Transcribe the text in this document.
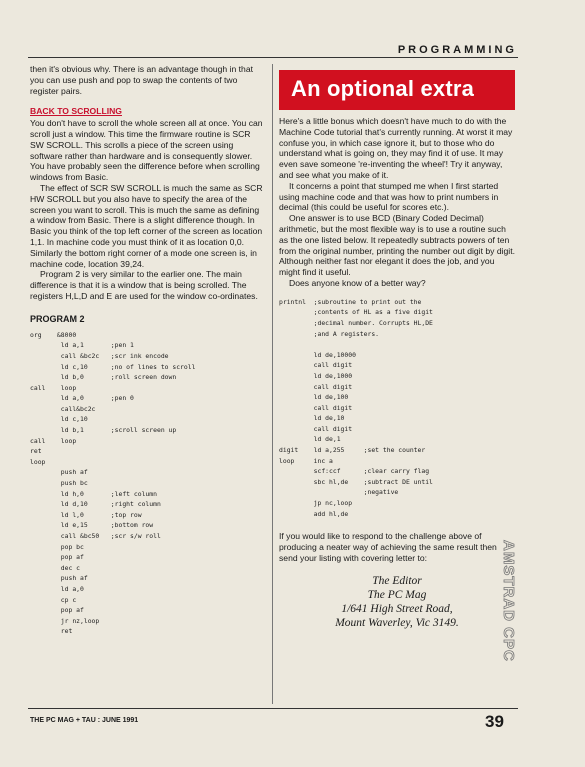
PROGRAMMING

then it's obvious why. There is an advantage though in that you can use push and pop to swap the contents of two register pairs.

BACK TO SCROLLING

You don't have to scroll the whole screen all at once. You can scroll just a window. This time the firmware routine is SCR SW SCROLL. This scrolls a piece of the screen using software rather than hardware and is consequently slower. You have probably seen the difference before when scrolling windows from Basic.

The effect of SCR SW SCROLL is much the same as SCR HW SCROLL but you also have to specify the area of the screen you want to scroll. This is much the same as defining a window from Basic. There is a slight difference though. In Basic you think of the top left corner of the screen as location 1,1. In machine code you must think of it as location 0,0. Similarly the bottom right corner of a mode one screen is, in machine code, location 39,24.

Program 2 is very similar to the earlier one. The main difference is that it is a window that is being scrolled. The registers H,L,D and E are used for the window co-ordinates.

PROGRAM 2
org    &8000
ld a,1       ;pen 1
call &bc2c   ;scr ink encode
ld c,10      ;no of lines to scroll
ld b,0       ;roll screen down
call    loop
ld a,0       ;pen 0
call&bc2c
ld c,10
ld b,1       ;scroll screen up
call    loop
ret
loop
push af
push bc
ld h,0       ;left column
ld d,10      ;right column
ld l,0       ;top row
ld e,15      ;bottom row
call &bc50   ;scr s/w roll
pop bc
pop af
dec c
push af
ld a,0
cp c
pop af
jr nz,loop
ret
An optional extra

Here's a little bonus which doesn't have much to do with the Machine Code tutorial that's currently running. At worst it may confuse you, in which case ignore it, but to those who do understand what is going on, they may find it of use. It may even save someone 're-inventing the wheel'! Try it anyway, and see what you make of it.

It concerns a point that stumped me when I first started using machine code and that was how to print numbers in decimal (this could be useful for scores etc.).

One answer is to use BCD (Binary Coded Decimal) arithmetic, but the most flexible way is to use a routine such as the one listed below. It repeatedly subtracts powers of ten from the original number, printing the number out digit by digit. Although neither fast nor elegant it does the job, and you might find it useful.

Does anyone know of a better way?

printnl  ;subroutine to print out the
;contents of HL as a five digit
;decimal number. Corrupts HL,DE
;and A registers.

ld de,10000
call digit
ld de,1000
call digit
ld de,100
call digit
ld de,10
call digit
ld de,1
digit    ld a,255     ;set the counter
loop     inc a
scf:ccf      ;clear carry flag
sbc hl,de    ;subtract DE until
;negative
jp nc,loop
add hl,de
If you would like to respond to the challenge above of producing a neater way of achieving the same result then send your listing with covering letter to:
The Editor
The PC Mag
1/641 High Street Road,
Mount Waverley, Vic 3149.	AMSTRAD CPC
THE PC MAG + TAU : JUNE 1991	39
